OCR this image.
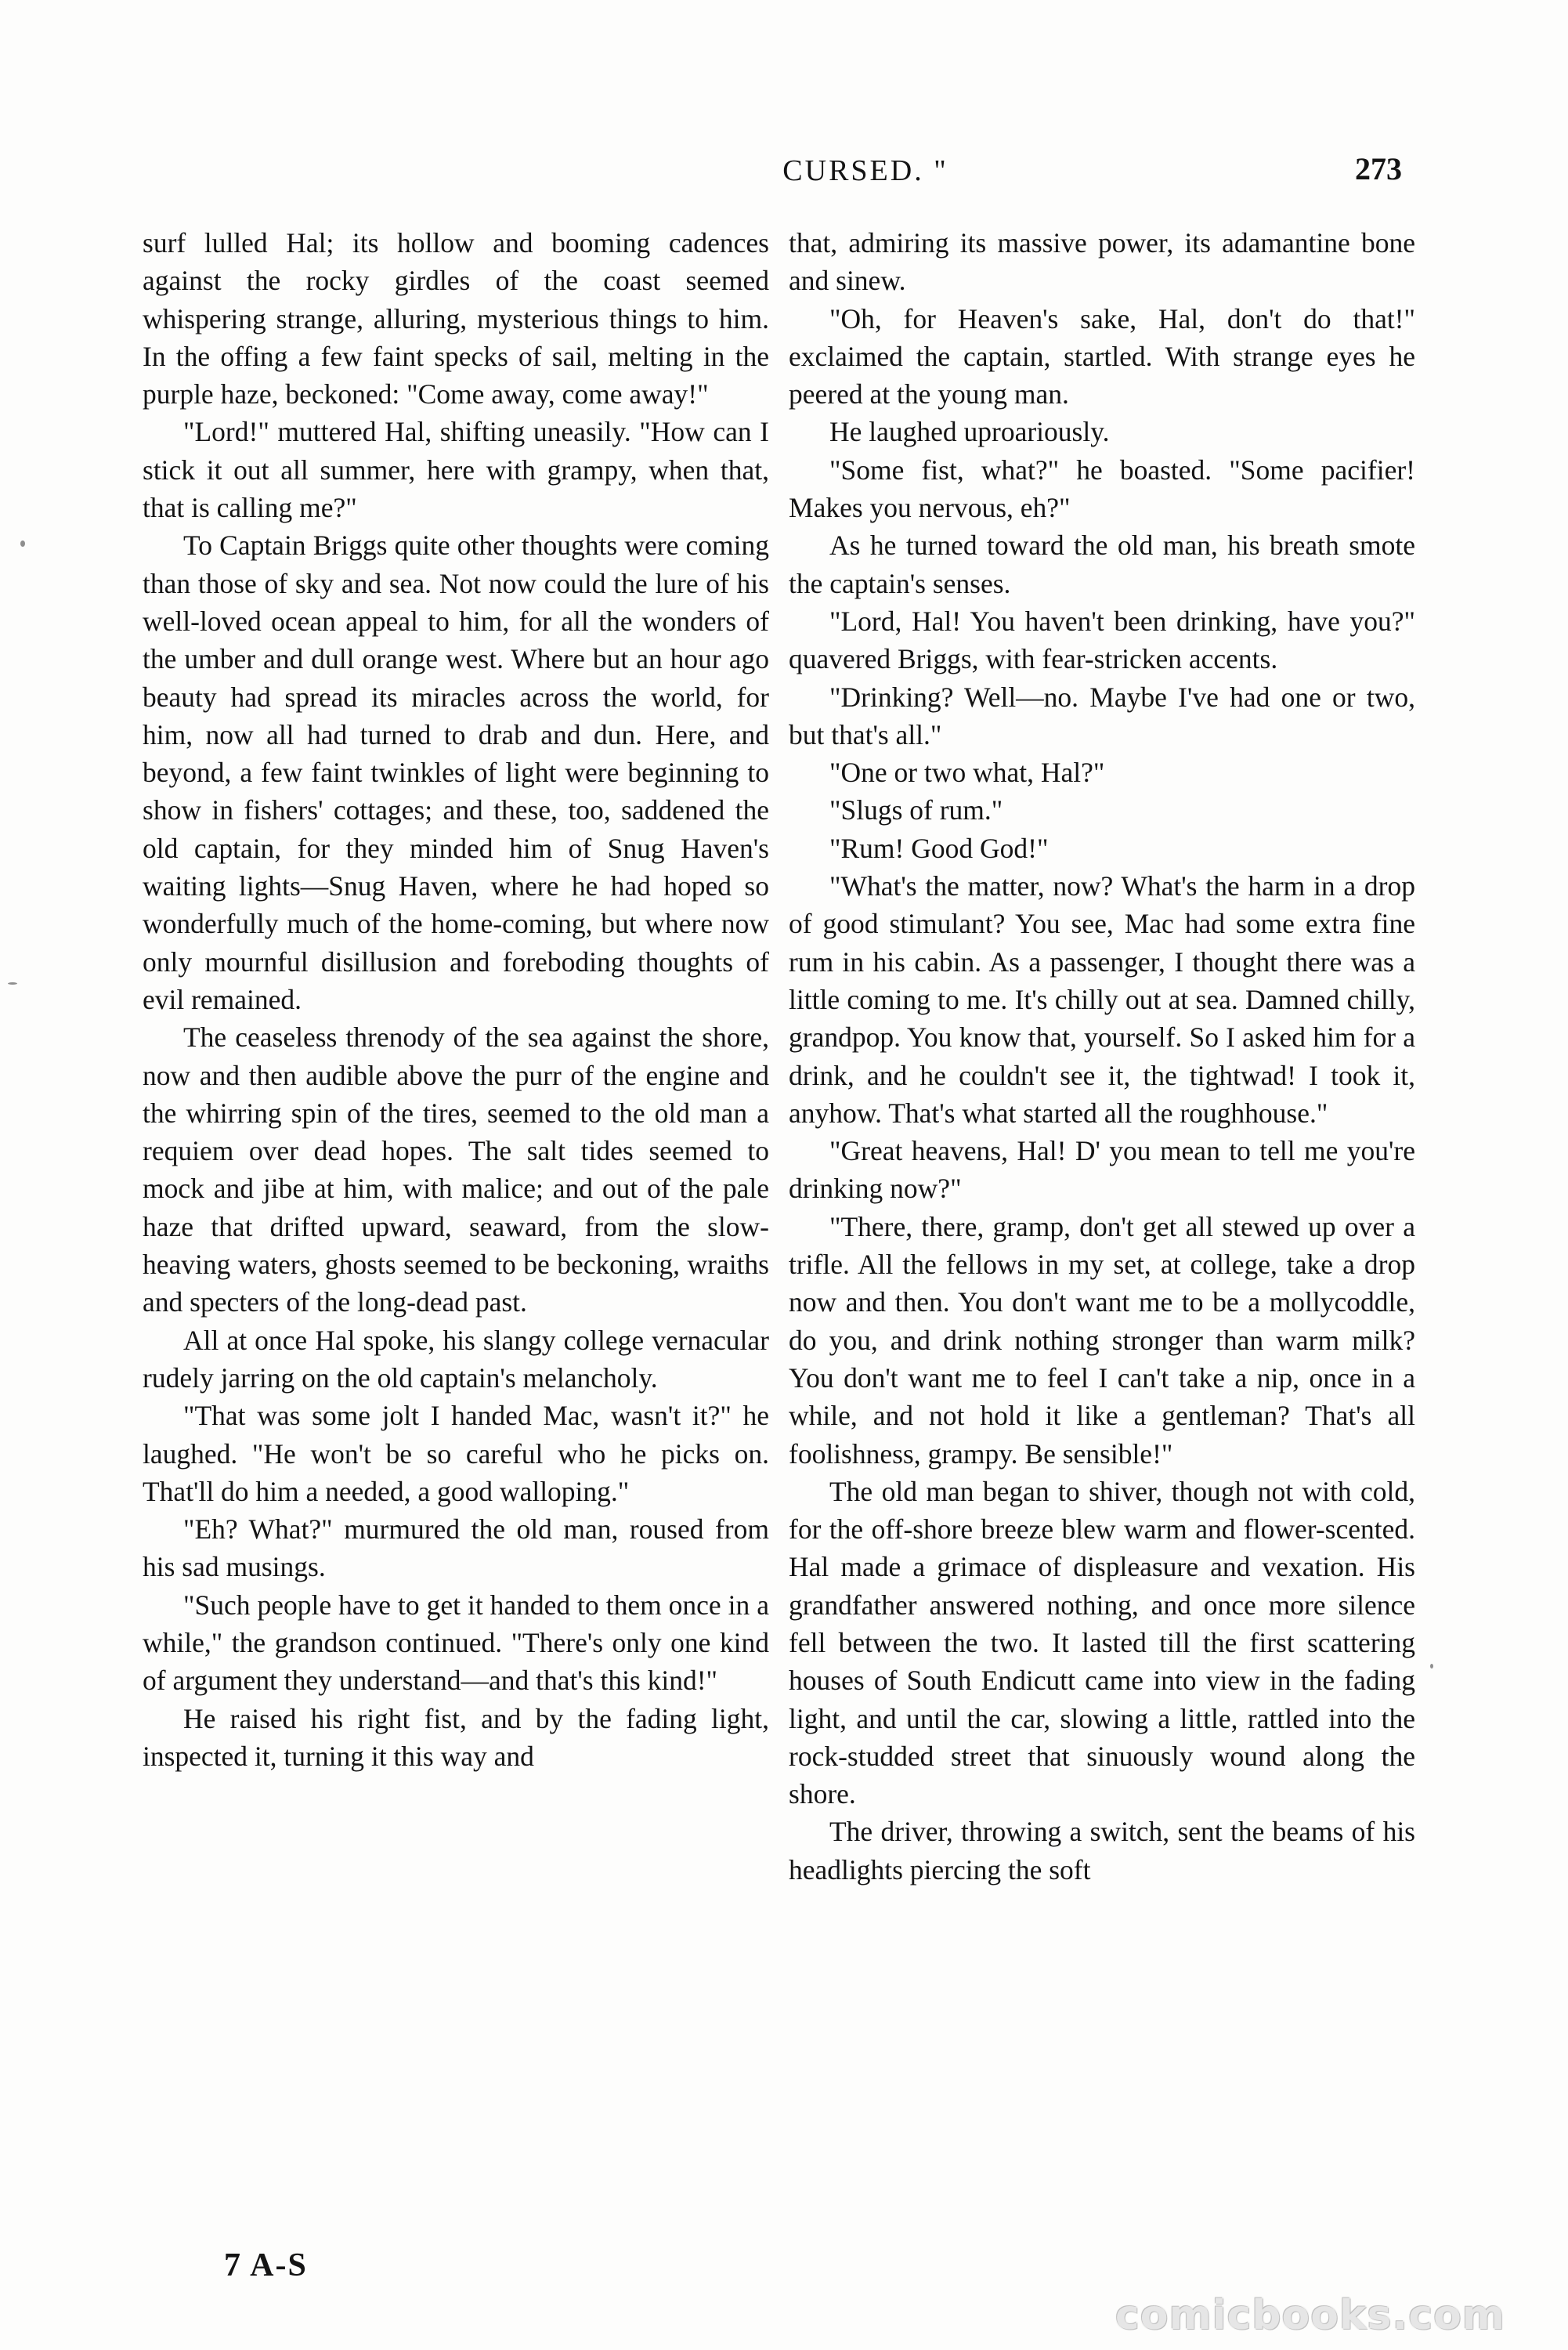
CURSED. "	273

surf lulled Hal; its hollow and booming cadences against the rocky girdles of the coast seemed whispering strange, alluring, mysterious things to him. In the offing a few faint specks of sail, melting in the purple haze, beckoned: "Come away, come away!"

"Lord!" muttered Hal, shifting uneasily. "How can I stick it out all summer, here with grampy, when that, that is calling me?"

To Captain Briggs quite other thoughts were coming than those of sky and sea. Not now could the lure of his well-loved ocean appeal to him, for all the wonders of the umber and dull orange west. Where but an hour ago beauty had spread its miracles across the world, for him, now all had turned to drab and dun. Here, and beyond, a few faint twinkles of light were beginning to show in fishers' cottages; and these, too, saddened the old captain, for they minded him of Snug Haven's waiting lights—Snug Haven, where he had hoped so wonderfully much of the home-coming, but where now only mournful disillusion and foreboding thoughts of evil remained.

The ceaseless threnody of the sea against the shore, now and then audible above the purr of the engine and the whirring spin of the tires, seemed to the old man a requiem over dead hopes. The salt tides seemed to mock and jibe at him, with malice; and out of the pale haze that drifted upward, seaward, from the slow-heaving waters, ghosts seemed to be beckoning, wraiths and specters of the long-dead past.

All at once Hal spoke, his slangy college vernacular rudely jarring on the old captain's melancholy.

"That was some jolt I handed Mac, wasn't it?" he laughed. "He won't be so careful who he picks on. That'll do him a needed, a good walloping."

"Eh? What?" murmured the old man, roused from his sad musings.

"Such people have to get it handed to them once in a while," the grandson continued. "There's only one kind of argument they understand—and that's this kind!"

He raised his right fist, and by the fading light, inspected it, turning it this way and

that, admiring its massive power, its adamantine bone and sinew.

"Oh, for Heaven's sake, Hal, don't do that!" exclaimed the captain, startled. With strange eyes he peered at the young man.

He laughed uproariously.

"Some fist, what?" he boasted. "Some pacifier! Makes you nervous, eh?"

As he turned toward the old man, his breath smote the captain's senses.

"Lord, Hal! You haven't been drinking, have you?" quavered Briggs, with fear-stricken accents.

"Drinking? Well—no. Maybe I've had one or two, but that's all."

"One or two what, Hal?"

"Slugs of rum."

"Rum! Good God!"

"What's the matter, now? What's the harm in a drop of good stimulant? You see, Mac had some extra fine rum in his cabin. As a passenger, I thought there was a little coming to me. It's chilly out at sea. Damned chilly, grandpop. You know that, yourself. So I asked him for a drink, and he couldn't see it, the tightwad! I took it, anyhow. That's what started all the roughhouse."

"Great heavens, Hal! D' you mean to tell me you're drinking now?"

"There, there, gramp, don't get all stewed up over a trifle. All the fellows in my set, at college, take a drop now and then. You don't want me to be a mollycoddle, do you, and drink nothing stronger than warm milk? You don't want me to feel I can't take a nip, once in a while, and not hold it like a gentleman? That's all foolishness, grampy. Be sensible!"

The old man began to shiver, though not with cold, for the off-shore breeze blew warm and flower-scented. Hal made a grimace of displeasure and vexation. His grandfather answered nothing, and once more silence fell between the two. It lasted till the first scattering houses of South Endicutt came into view in the fading light, and until the car, slowing a little, rattled into the rock-studded street that sinuously wound along the shore.

The driver, throwing a switch, sent the beams of his headlights piercing the soft

7 A-S
comicbooks.com
